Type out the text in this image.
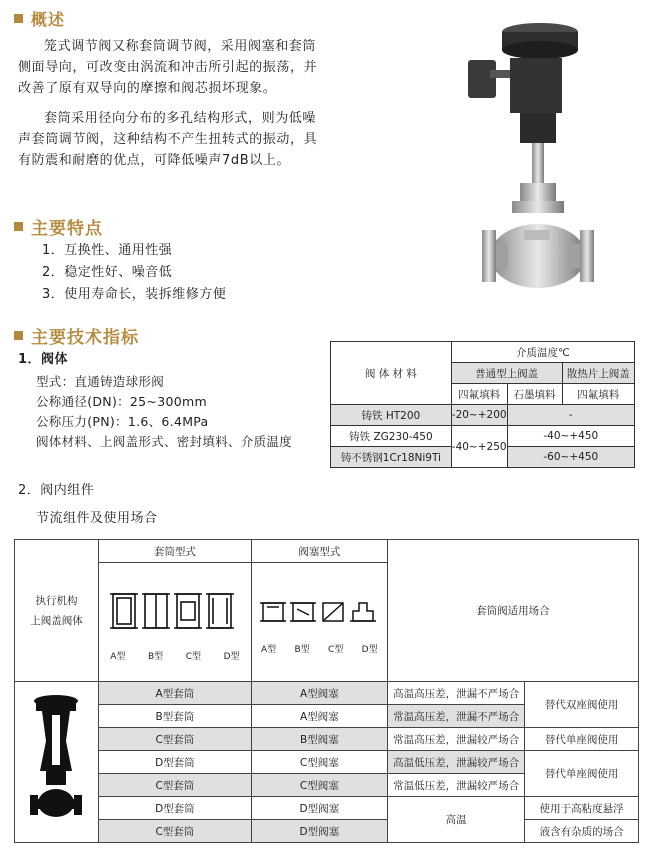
概述

笼式调节阀又称套筒调节阀，采用阀塞和套筒

侧面导向，可改变由涡流和冲击所引起的振荡，并

改善了原有双导向的摩擦和阀芯损坏现象。

套筒采用径向分布的多孔结构形式，则为低噪

声套筒调节阀，这种结构不产生扭转式的振动，具

有防震和耐磨的优点，可降低噪声7dB以上。

主要特点
1．互换性、通用性强
2．稳定性好、噪音低
3．使用寿命长，装拆维修方便
主要技术指标
1．阀体
型式：直通铸造球形阀
公称通径(DN)：25~300mm
公称压力(PN)：1.6、6.4MPa
阀体材料、上阀盖形式、密封填料、介质温度
阀 体 材 料	介质温度℃		
	普通型上阀盖		散热片上阀盖
	四氟填料	石墨填料	四氟填料
铸铁 HT200	-20~+200	-	
铸铁 ZG230-450	-40~+250	-40~+450	
铸不锈钢1Cr18Ni9Ti		-60~+450	
2．阀内组件
节流组件及使用场合
执行机构
上阀盖阀体	套筒型式	阀塞型式	套筒阀适用场合	

	A型 B型 C型 D型	A型 B型 C型 D型		

	A型套筒	A型阀塞	高温高压差，泄漏不严场合	替代双座阀使用
	B型套筒	A型阀塞	常温高压差，泄漏不严场合	
	C型套筒	B型阀塞	常温高压差，泄漏较严场合	替代单座阀使用
	D型套筒	C型阀塞	高温低压差，泄漏较严场合	替代单座阀使用
	C型套筒	C型阀塞	常温低压差，泄漏较严场合	
	D型套筒	D型阀塞	高温	使用于高粘度悬浮
	C型套筒	D型阀塞		液含有杂质的场合
